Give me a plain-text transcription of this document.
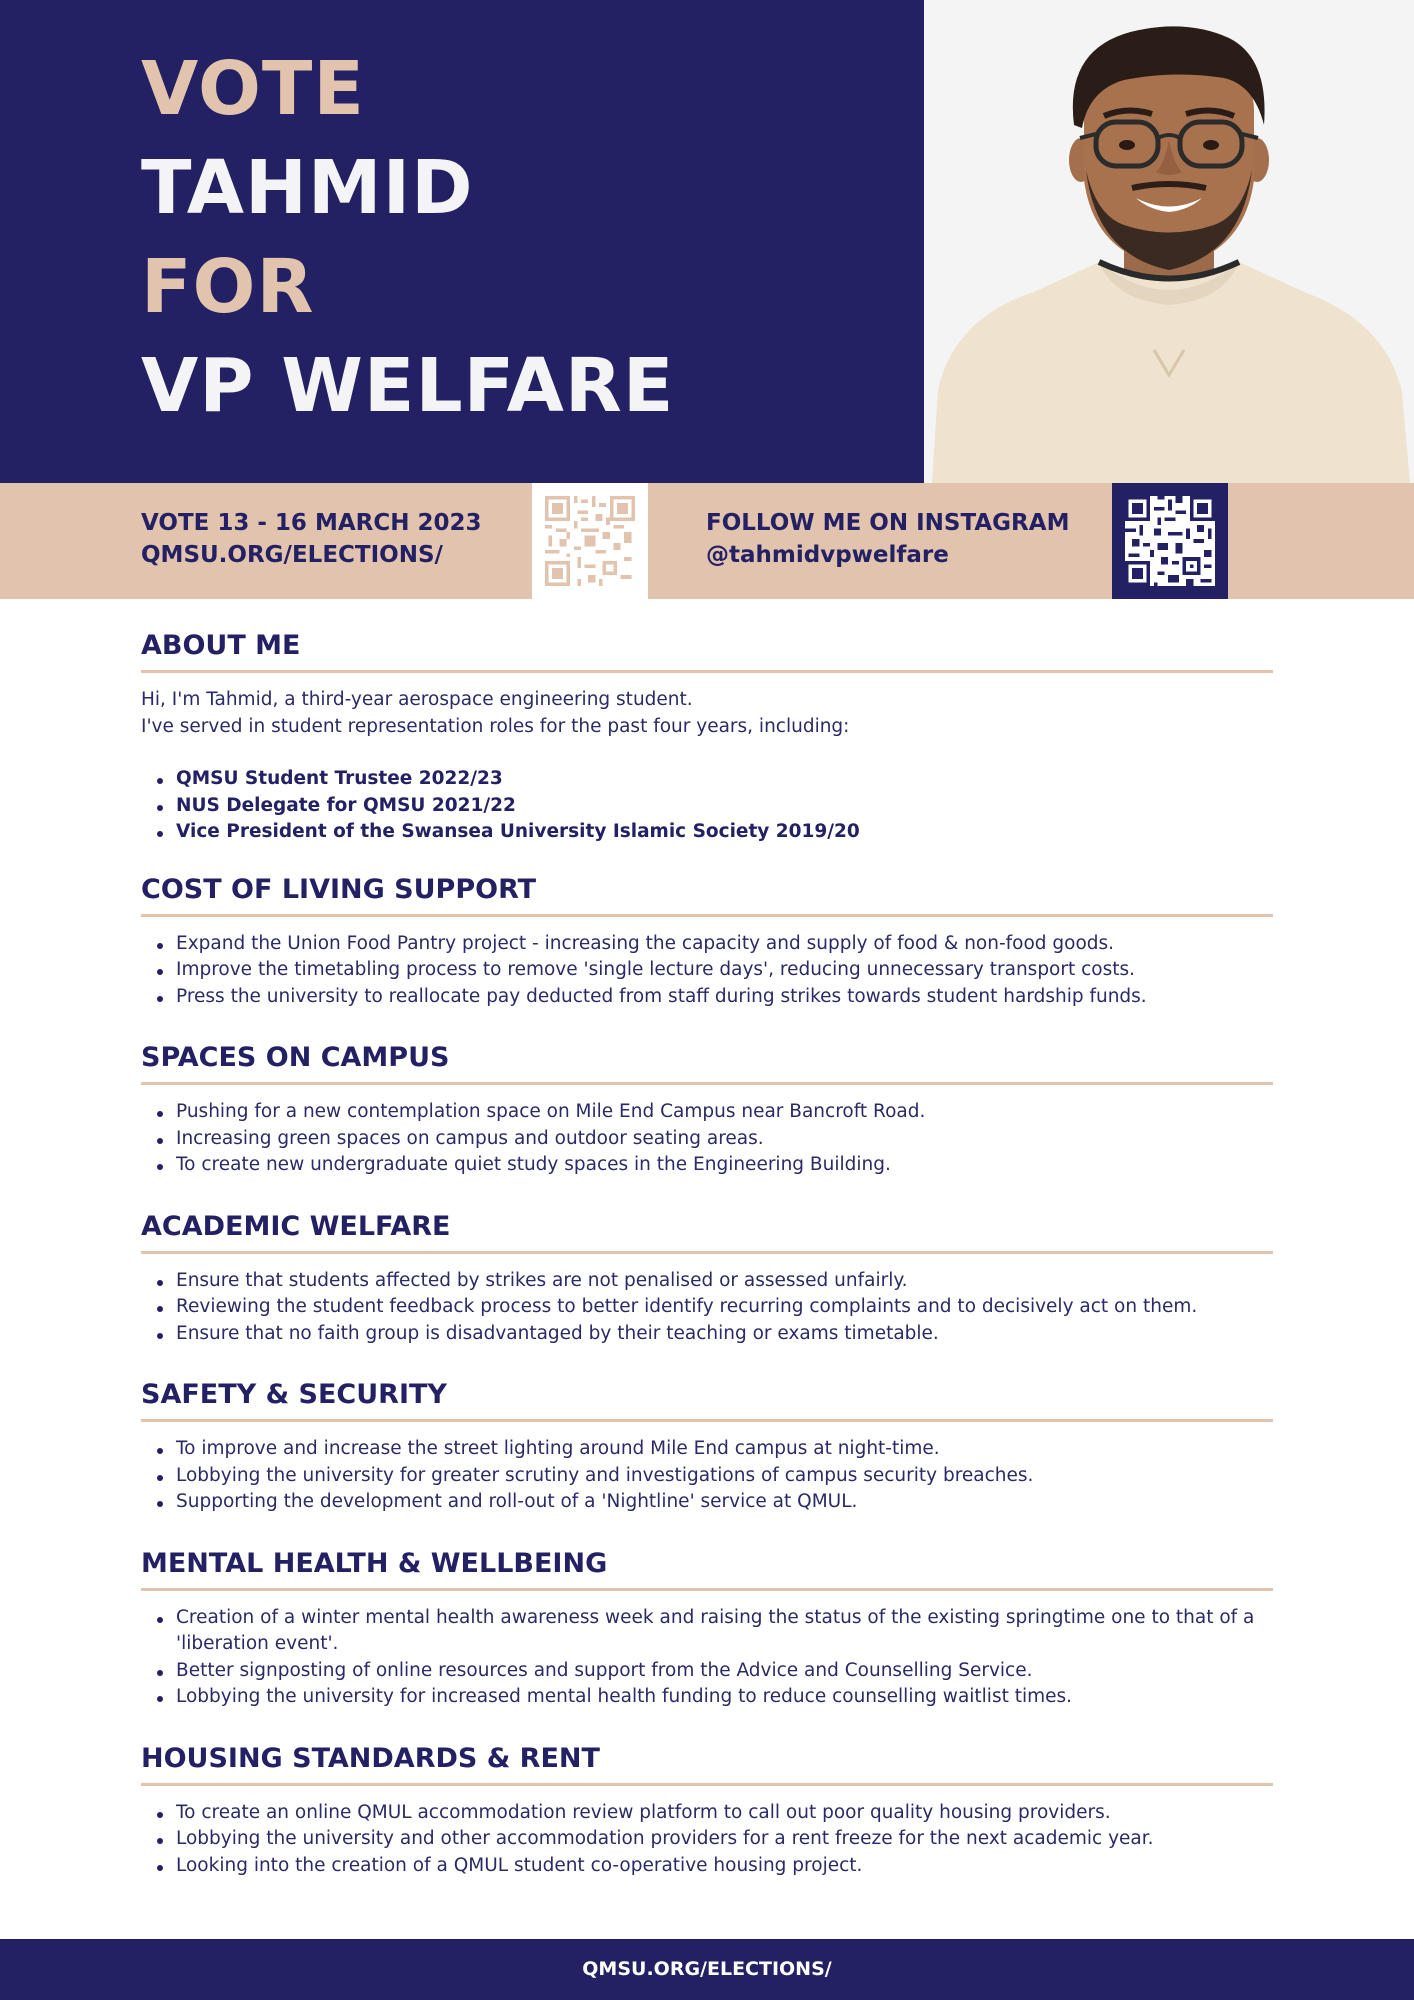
VOTE
TAHMID
FOR
VP WELFARE
VOTE 13 - 16 MARCH 2023
QMSU.ORG/ELECTIONS/
FOLLOW ME ON INSTAGRAM
@tahmidvpwelfare
ABOUT ME
Hi, I'm Tahmid, a third-year aerospace engineering student.
I've served in student representation roles for the past four years, including:
QMSU Student Trustee 2022/23
NUS Delegate for QMSU 2021/22
Vice President of the Swansea University Islamic Society 2019/20
COST OF LIVING SUPPORT
Expand the Union Food Pantry project - increasing the capacity and supply of food & non-food goods.
Improve the timetabling process to remove 'single lecture days', reducing unnecessary transport costs.
Press the university to reallocate pay deducted from staff during strikes towards student hardship funds.
SPACES ON CAMPUS
Pushing for a new contemplation space on Mile End Campus near Bancroft Road.
Increasing green spaces on campus and outdoor seating areas.
To create new undergraduate quiet study spaces in the Engineering Building.
ACADEMIC WELFARE
Ensure that students affected by strikes are not penalised or assessed unfairly.
Reviewing the student feedback process to better identify recurring complaints and to decisively act on them.
Ensure that no faith group is disadvantaged by their teaching or exams timetable.
SAFETY & SECURITY
To improve and increase the street lighting around Mile End campus at night-time.
Lobbying the university for greater scrutiny and investigations of campus security breaches.
Supporting the development and roll-out of a 'Nightline' service at QMUL.
MENTAL HEALTH & WELLBEING
Creation of a winter mental health awareness week and raising the status of the existing springtime one to that of a 'liberation event'.
Better signposting of online resources and support from the Advice and Counselling Service.
Lobbying the university for increased mental health funding to reduce counselling waitlist times.
HOUSING STANDARDS & RENT
To create an online QMUL accommodation review platform to call out poor quality housing providers.
Lobbying the university and other accommodation providers for a rent freeze for the next academic year.
Looking into the creation of a QMUL student co-operative housing project.
QMSU.ORG/ELECTIONS/
